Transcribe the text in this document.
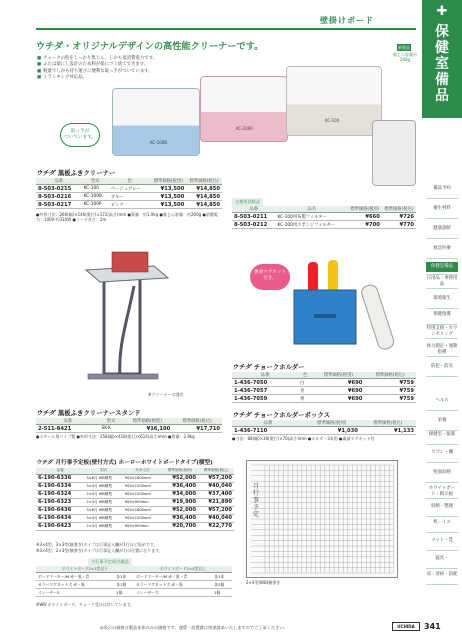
✚
保健室備品
備品予約
衛生材料
健康診断
救急医療
保健室備品
日用品・事務用品
環境衛生
保健指導
特別支援・カウンセリング
体力測定・運動指導
防犯・防災
ヘルス
栄養
保健室・服薬
ワゴン・棚
壁面収納
ホワイトボード・掲示板
収納・整理
机・イス
マット・畳
寝具・
床・清掃・消耗
壁掛けボード
ウチダ・オリジナルデザインの高性能クリーナーです。
■ チョークの粉をしっかり集じん。しかも低消費電力です。
■ ふたは楽にし設計のため粉が楽にゴミ捨てできます。
■ 軽量でしかも持ち運びに便利な取っ手がついています。
■ トランキング対応品。
新製品
集じん容量約200g
KC-100B
KC-100P
KC-100
取っ手が
ついています。
ウチダ 黒板ふきクリーナー
品番	型式	色	標準価格(税別)	標準価格(税込)
8-503-0215	KC-100	ベージュグレー	¥13,500	¥14,850
8-503-0216	KC-100B	ブルー	¥13,500	¥14,850
8-503-0217	KC-100P	ピンク	¥13,500	¥14,850
●外形寸法：260(幅)×146(奥行)×172(高さ)mm ●質量：約1.9kg ●集じん容量：約200g ●消費電力：100V-約310W ●コード長さ：2m
交換用消耗品
品番	品名	標準価格(税別)	標準価格(税込)
8-503-0211	KC-100用布製フィルター	¥660	¥726
8-503-0212	KC-100用スポンジフィルター	¥700	¥770
※クリーナーは別売
裏面マグネット
付き。
ウチダ チョークホルダー
品番	色	標準価格(税別)	標準価格(税込)
1-436-7050	白	¥690	¥759
1-436-7057	青	¥690	¥759
1-436-7059	黄	¥690	¥759
ウチダ チョークホルダーボックス
品番	標準価格(税別)	標準価格(税込)
1-436-7110	¥1,030	¥1,133
●寸法：88(幅)×30(奥行)×70(高さ)mm ●ホルダー3本用 ●裏面マグネット付
ウチダ 黒板ふきクリーナースタンド
品番	型式	標準価格(税別)	標準価格(税込)
2-511-8421	SK-K	¥16,100	¥17,710
●スチール角パイプ製 ●外形寸法：258(幅)×418(奥行)×614(高さ)mm ●質量：2.8kg
ウチダ 月行事予定板(壁付方式) ホーローホワイトボードタイプ(横型)
品番	型式	外形寸法	標準価格(税別)	標準価格(税込)
6-190-6336	3×6月 WB横型	900×1800mm	¥52,000	¥57,200
6-190-6334	3×4月 WB横型	900×1200mm	¥36,400	¥40,040
6-190-6324	2×4月 WB横型	600×1200mm	¥34,000	¥37,400
6-190-6323	2×3月 WB横型	600×900mm	¥19,900	¥21,890
6-190-6436	3×6月 WB横型	900×1800mm	¥52,000	¥57,200
6-190-6434	3×4月 WB横型	900×1200mm	¥36,400	¥40,040
6-190-6423	2×3月 WB横型	600×900mm	¥20,700	¥22,770
※3×4型、3×3型(縦書き)タイプは行事記入欄が1行ほど短めです。
※3×4型、2×3型(横書き)タイプは行事記入欄が右の位置になります。
月行事予定板付属品
ホワイトボード2×3型以下		ホワイトボード2×4型以上	
ボードマーカー/M 赤・黒・青	各1本	ボードマーカー/M 赤・黒・青	各1本
カラーマグネット大 赤・黒	各1個	カラーマグネット大 赤・黒	各2個
イレーザーS	1個	イレーザー大	1個
※WB:ホワイトボード、チョーク受けは付いています。
月行事予定
2×4型(WB)横書き
◎表示の価格は製品本体のみの価格です。運賃・設置費は別途請求いたしますのでご了承ください。	UCHIDA	341
